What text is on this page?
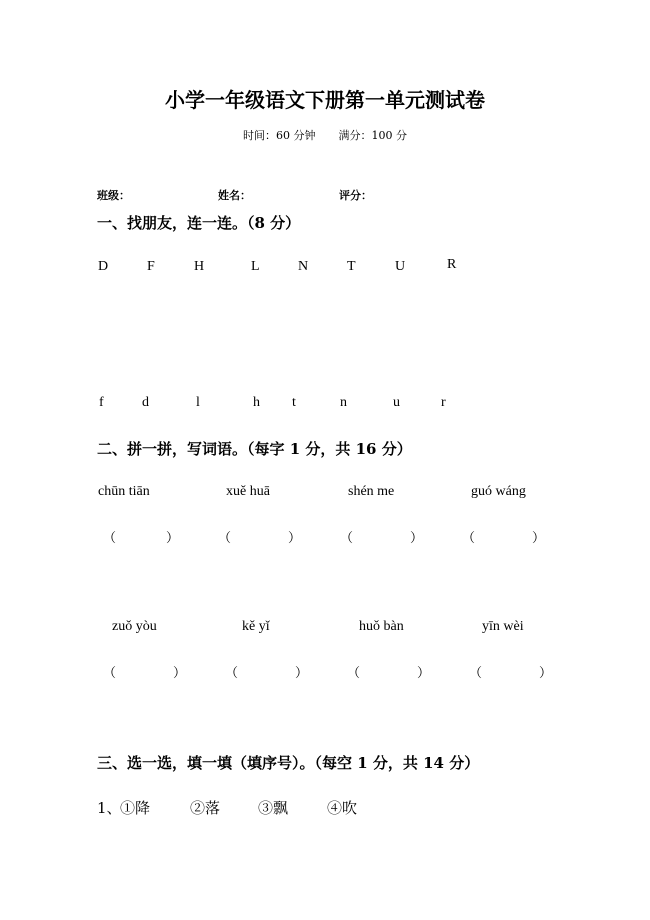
小学一年级语文下册第一单元测试卷
时间：60 分钟 满分：100 分
班级：	姓名：	评分：
一、找朋友，连一连。（8 分）
D	F	H	L	N	T	U	R
f	d	l	h t	n	u	r
二、拼一拼，写词语。（每字 1 分，共 16 分）
chūn tiān	xuě huā	shén me	guó wáng
（	）	（	）	（	）	（	）
zuǒ yòu	kě yǐ	huǒ bàn	yīn wèi
（	）	（	）	（	）	（	）
三、选一选，填一填（填序号）。（每空 1 分，共 14 分）
1、
①降	②落	③飘	④吹
